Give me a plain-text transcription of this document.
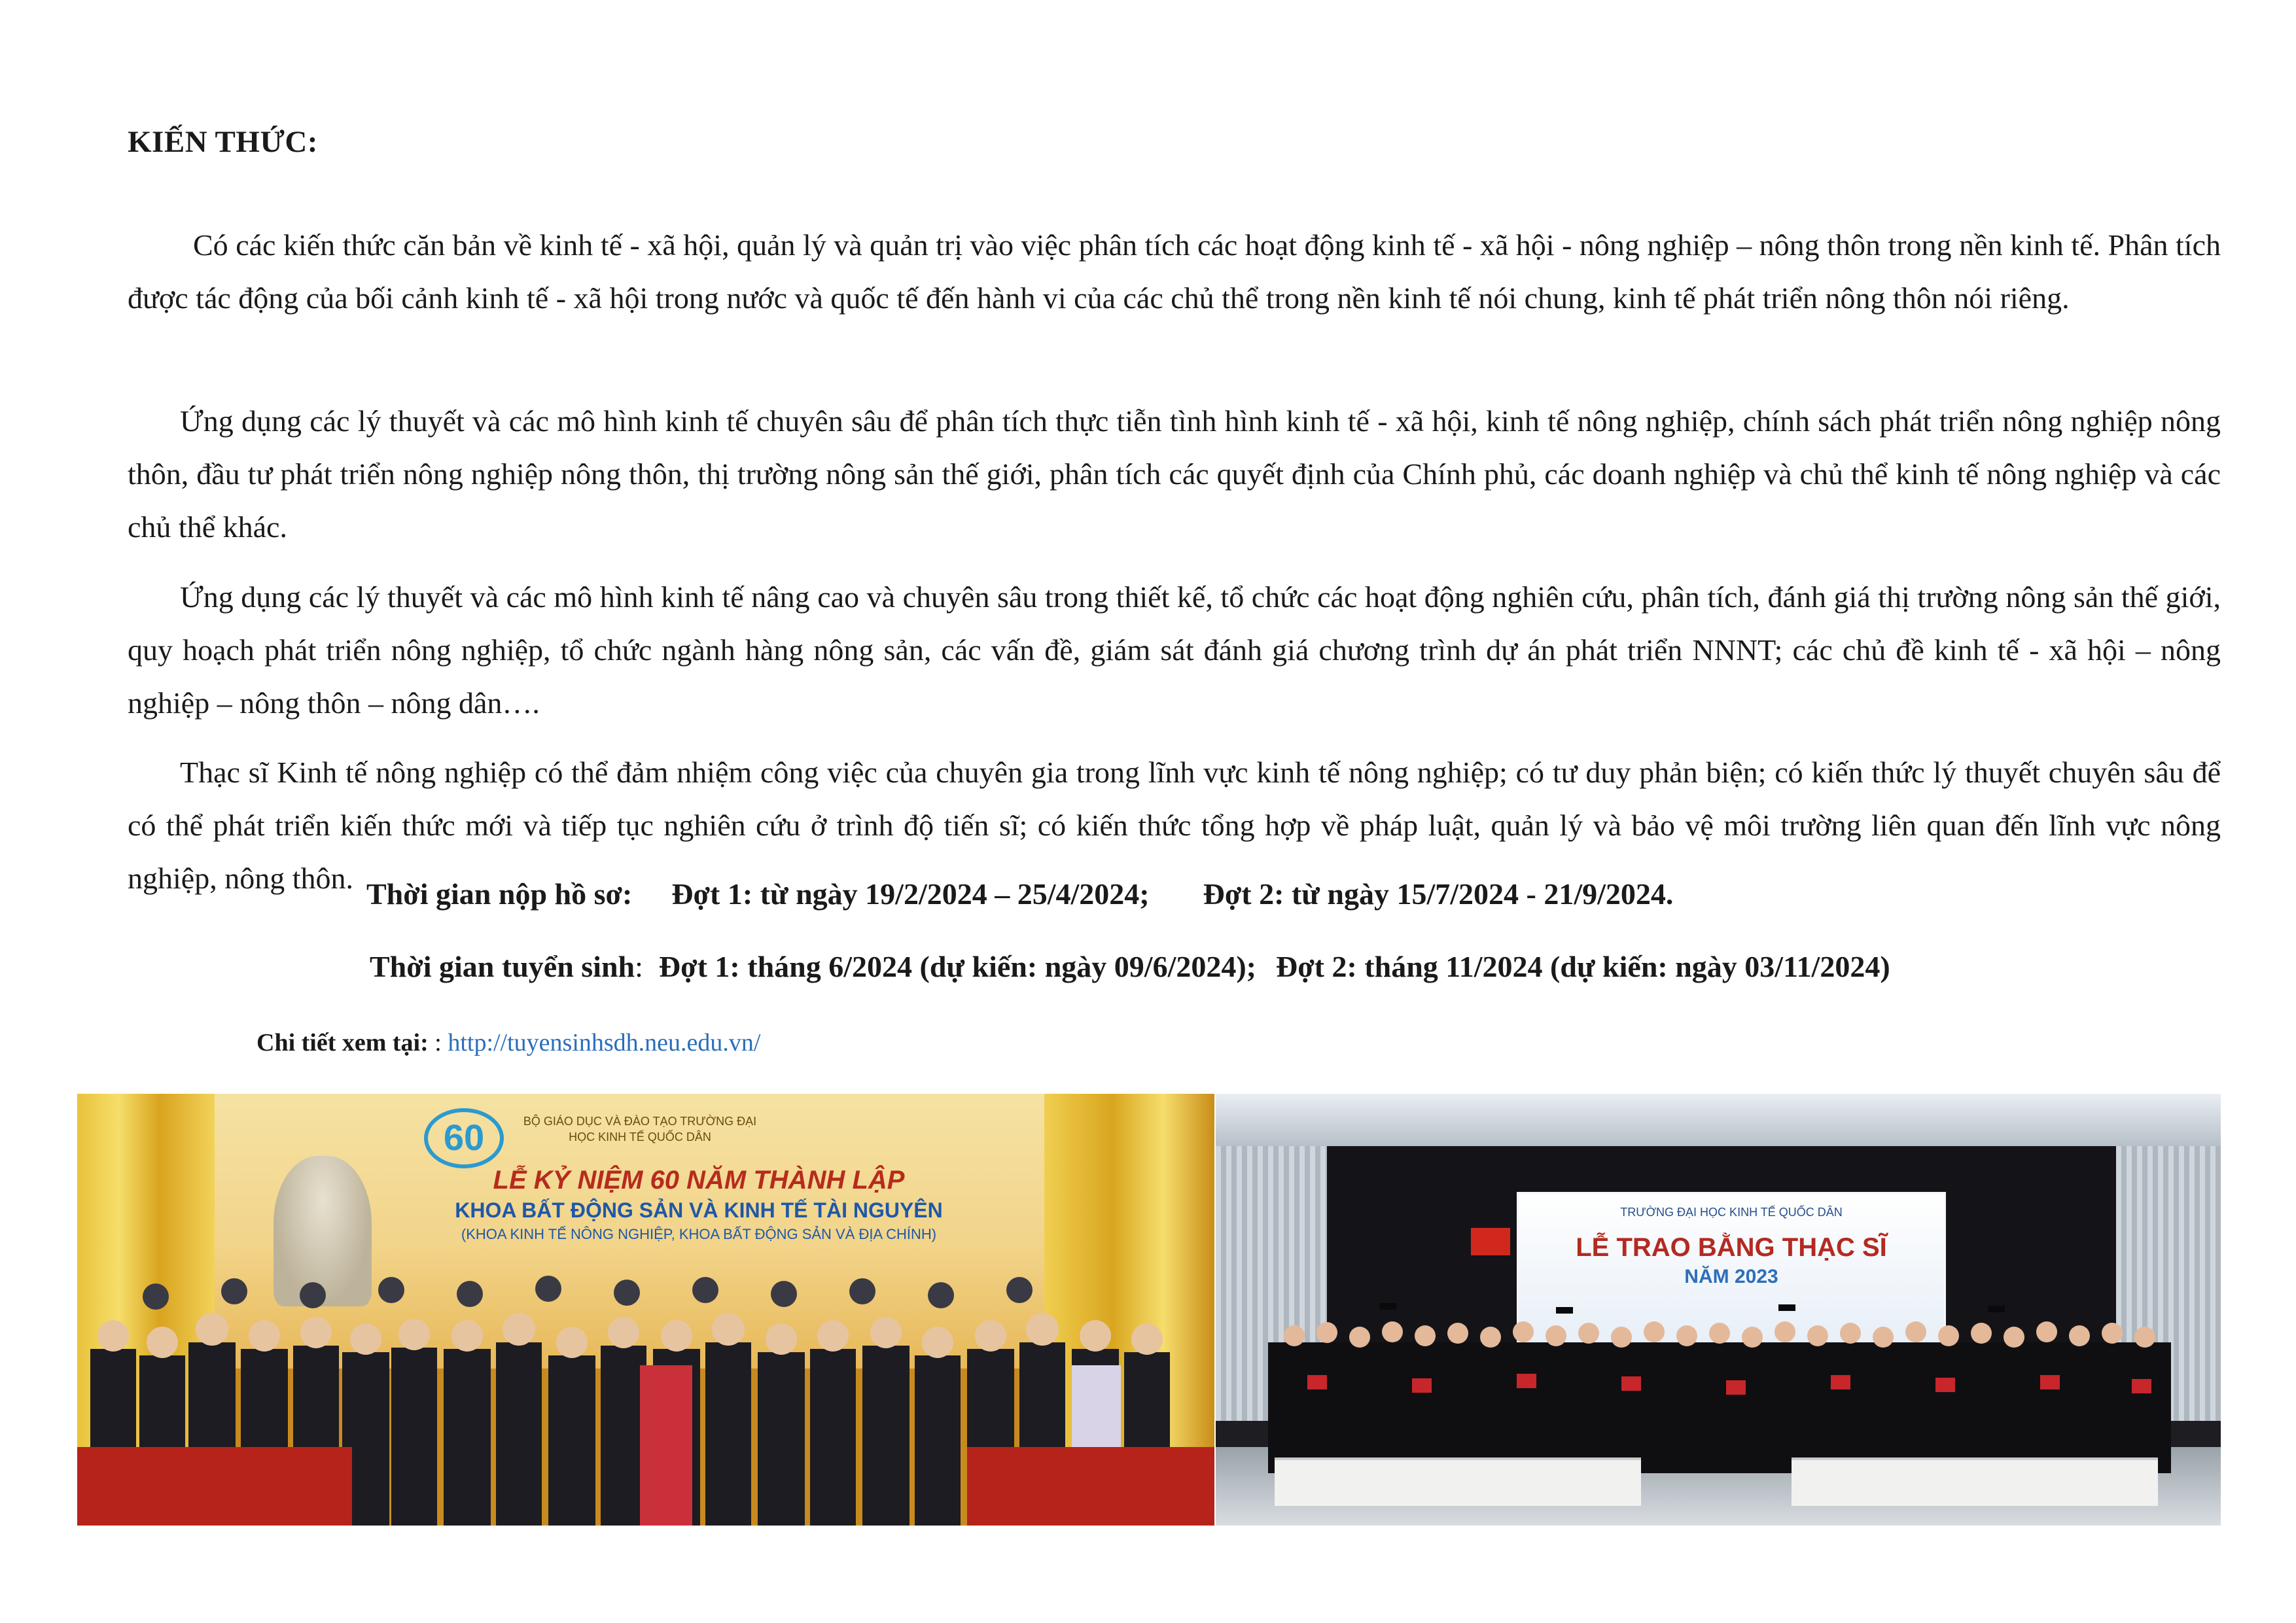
KIẾN THỨC:

Có các kiến thức căn bản về kinh tế - xã hội, quản lý và quản trị vào việc phân tích các hoạt động kinh tế - xã hội - nông nghiệp – nông thôn trong nền kinh tế. Phân tích được tác động của bối cảnh kinh tế - xã hội trong nước và quốc tế đến hành vi của các chủ thể trong nền kinh tế nói chung, kinh tế phát triển nông thôn nói riêng.

Ứng dụng các lý thuyết và các mô hình kinh tế chuyên sâu để phân tích thực tiễn tình hình kinh tế - xã hội, kinh tế nông nghiệp, chính sách phát triển nông nghiệp nông thôn, đầu tư phát triển nông nghiệp nông thôn, thị trường nông sản thế giới, phân tích các quyết định của Chính phủ, các doanh nghiệp và chủ thể kinh tế nông nghiệp và các chủ thể khác.

Ứng dụng các lý thuyết và các mô hình kinh tế nâng cao và chuyên sâu trong thiết kế, tổ chức các hoạt động nghiên cứu, phân tích, đánh giá thị trường nông sản thế giới, quy hoạch phát triển nông nghiệp, tổ chức ngành hàng nông sản, các vấn đề, giám sát đánh giá chương trình dự án phát triển NNNT; các chủ đề kinh tế - xã hội – nông nghiệp – nông thôn – nông dân….

Thạc sĩ Kinh tế nông nghiệp có thể đảm nhiệm công việc của chuyên gia trong lĩnh vực kinh tế nông nghiệp; có tư duy phản biện; có kiến thức lý thuyết chuyên sâu để có thể phát triển kiến thức mới và tiếp tục nghiên cứu ở trình độ tiến sĩ; có kiến thức tổng hợp về pháp luật, quản lý và bảo vệ môi trường liên quan đến lĩnh vực nông nghiệp, nông thôn. Thời gian nộp hồ sơ: Đợt 1: từ ngày 19/2/2024 – 25/4/2024; Đợt 2: từ ngày 15/7/2024 - 21/9/2024.
Thời gian tuyển sinh: Đợt 1: tháng 6/2024 (dự kiến: ngày 09/6/2024); Đợt 2: tháng 11/2024 (dự kiến: ngày 03/11/2024)
Chi tiết xem tại: : http://tuyensinhsdh.neu.edu.vn/
60	BỘ GIÁO DỤC VÀ ĐÀO TẠO TRƯỜNG ĐẠI HỌC KINH TẾ QUỐC DÂN
LỄ KỶ NIỆM 60 NĂM THÀNH LẬP
KHOA BẤT ĐỘNG SẢN VÀ KINH TẾ TÀI NGUYÊN
(KHOA KINH TẾ NÔNG NGHIỆP, KHOA BẤT ĐỘNG SẢN VÀ ĐỊA CHÍNH)
TRƯỜNG ĐẠI HỌC KINH TẾ QUỐC DÂN
LỄ TRAO BẰNG THẠC SĨ
NĂM 2023
